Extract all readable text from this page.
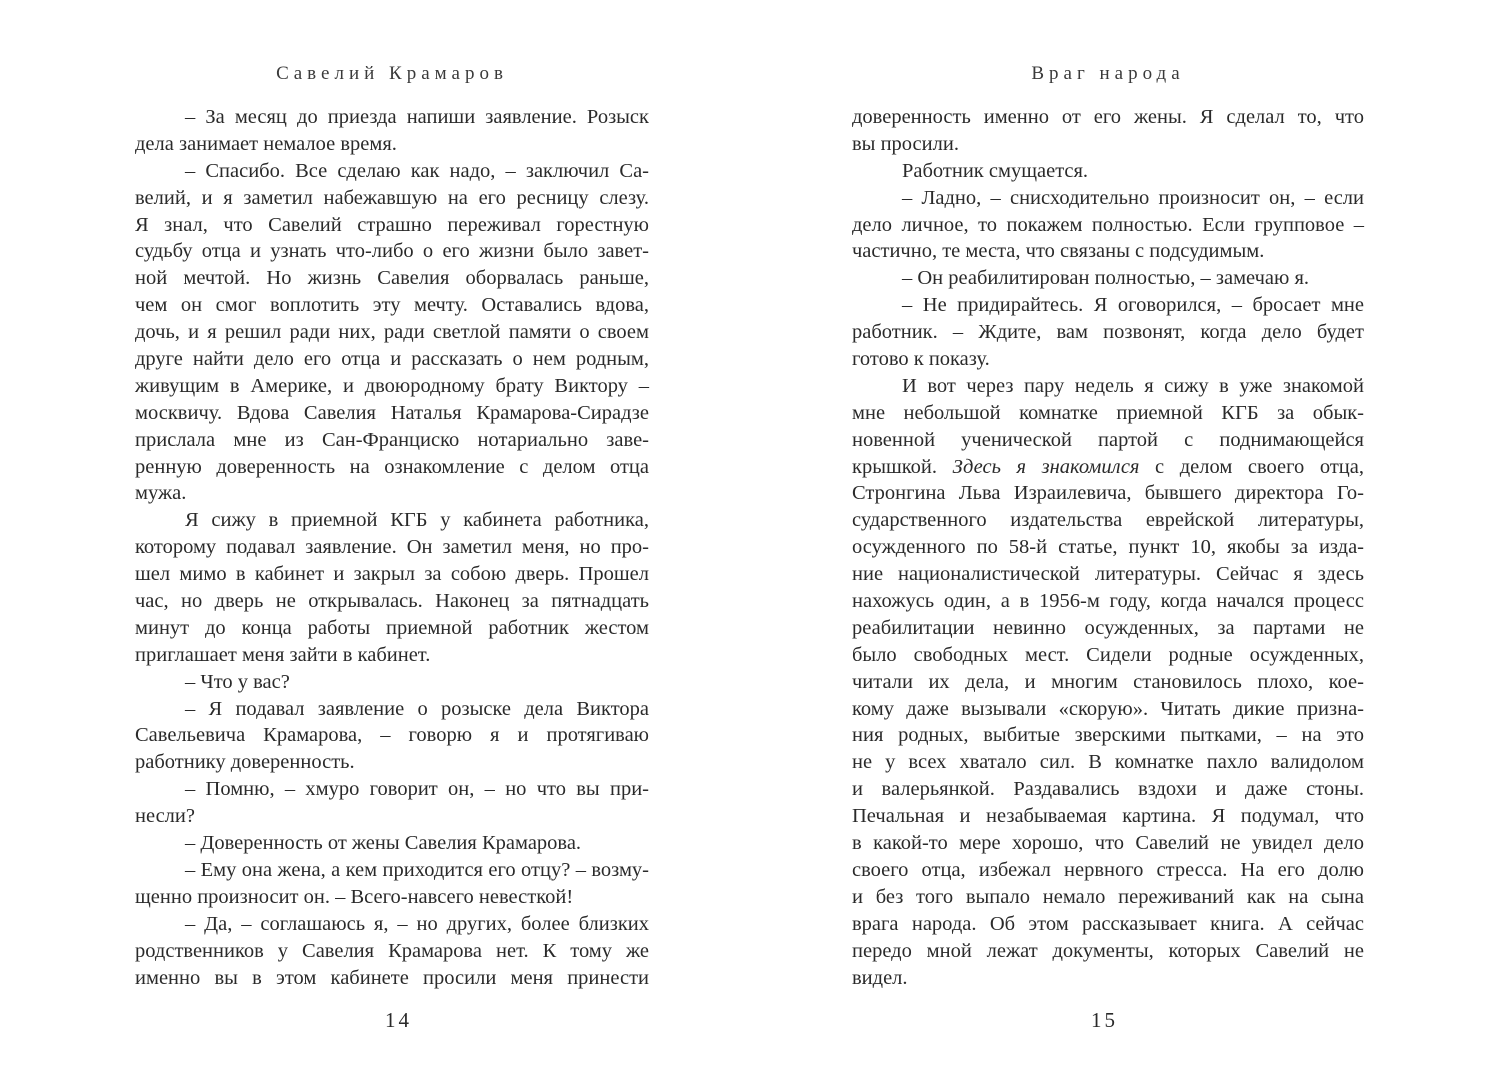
Савелий Крамаров
– За месяц до приезда напиши заявление. Розыск
дела занимает немалое время.
– Спасибо. Все сделаю как надо, – заключил Са-
велий, и я заметил набежавшую на его ресницу слезу.
Я знал, что Савелий страшно переживал горестную
судьбу отца и узнать что-либо о его жизни было завет-
ной мечтой. Но жизнь Савелия оборвалась раньше,
чем он смог воплотить эту мечту. Оставались вдова,
дочь, и я решил ради них, ради светлой памяти о своем
друге найти дело его отца и рассказать о нем родным,
живущим в Америке, и двоюродному брату Виктору –
москвичу. Вдова Савелия Наталья Крамарова-Сирадзе
прислала мне из Сан-Франциско нотариально заве-
ренную доверенность на ознакомление с делом отца
мужа.
Я сижу в приемной КГБ у кабинета работника,
которому подавал заявление. Он заметил меня, но про-
шел мимо в кабинет и закрыл за собою дверь. Прошел
час, но дверь не открывалась. Наконец за пятнадцать
минут до конца работы приемной работник жестом
приглашает меня зайти в кабинет.
– Что у вас?
– Я подавал заявление о розыске дела Виктора
Савельевича Крамарова, – говорю я и протягиваю
работнику доверенность.
– Помню, – хмуро говорит он, – но что вы при-
несли?
– Доверенность от жены Савелия Крамарова.
– Ему она жена, а кем приходится его отцу? – возму-
щенно произносит он. – Всего-навсего невесткой!
– Да, – соглашаюсь я, – но других, более близких
родственников у Савелия Крамарова нет. К тому же
именно вы в этом кабинете просили меня принести
14
Враг народа
доверенность именно от его жены. Я сделал то, что
вы просили.
Работник смущается.
– Ладно, – снисходительно произносит он, – если
дело личное, то покажем полностью. Если групповое –
частично, те места, что связаны с подсудимым.
– Он реабилитирован полностью, – замечаю я.
– Не придирайтесь. Я оговорился, – бросает мне
работник. – Ждите, вам позвонят, когда дело будет
готово к показу.
И вот через пару недель я сижу в уже знакомой
мне небольшой комнатке приемной КГБ за обык-
новенной ученической партой с поднимающейся
крышкой. Здесь я знакомился с делом своего отца,
Стронгина Льва Израилевича, бывшего директора Го-
сударственного издательства еврейской литературы,
осужденного по 58-й статье, пункт 10, якобы за изда-
ние националистической литературы. Сейчас я здесь
нахожусь один, а в 1956-м году, когда начался процесс
реабилитации невинно осужденных, за партами не
было свободных мест. Сидели родные осужденных,
читали их дела, и многим становилось плохо, кое-
кому даже вызывали «скорую». Читать дикие призна-
ния родных, выбитые зверскими пытками, – на это
не у всех хватало сил. В комнатке пахло валидолом
и валерьянкой. Раздавались вздохи и даже стоны.
Печальная и незабываемая картина. Я подумал, что
в какой-то мере хорошо, что Савелий не увидел дело
своего отца, избежал нервного стресса. На его долю
и без того выпало немало переживаний как на сына
врага народа. Об этом рассказывает книга. А сейчас
передо мной лежат документы, которых Савелий не
видел.
15
